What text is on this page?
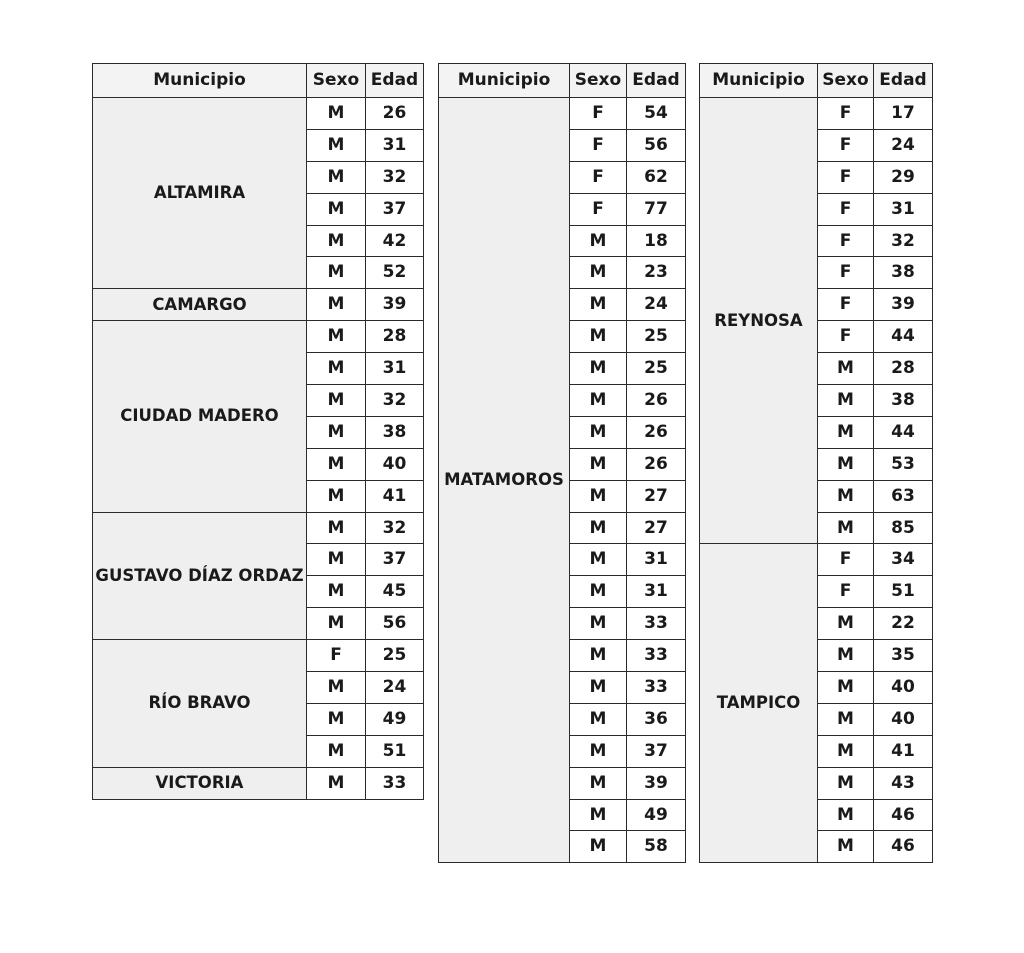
Municipio	Sexo	Edad
ALTAMIRA	M	26
	M	31
	M	32
	M	37
	M	42
	M	52
CAMARGO	M	39
CIUDAD MADERO	M	28
	M	31
	M	32
	M	38
	M	40
	M	41
GUSTAVO DÍAZ ORDAZ	M	32
	M	37
	M	45
	M	56
RÍO BRAVO	F	25
	M	24
	M	49
	M	51
VICTORIA	M	33
Municipio	Sexo	Edad
MATAMOROS	F	54
	F	56
	F	62
	F	77
	M	18
	M	23
	M	24
	M	25
	M	25
	M	26
	M	26
	M	26
	M	27
	M	27
	M	31
	M	31
	M	33
	M	33
	M	33
	M	36
	M	37
	M	39
	M	49
	M	58
Municipio	Sexo	Edad
REYNOSA	F	17
	F	24
	F	29
	F	31
	F	32
	F	38
	F	39
	F	44
	M	28
	M	38
	M	44
	M	53
	M	63
	M	85
TAMPICO	F	34
	F	51
	M	22
	M	35
	M	40
	M	40
	M	41
	M	43
	M	46
	M	46
